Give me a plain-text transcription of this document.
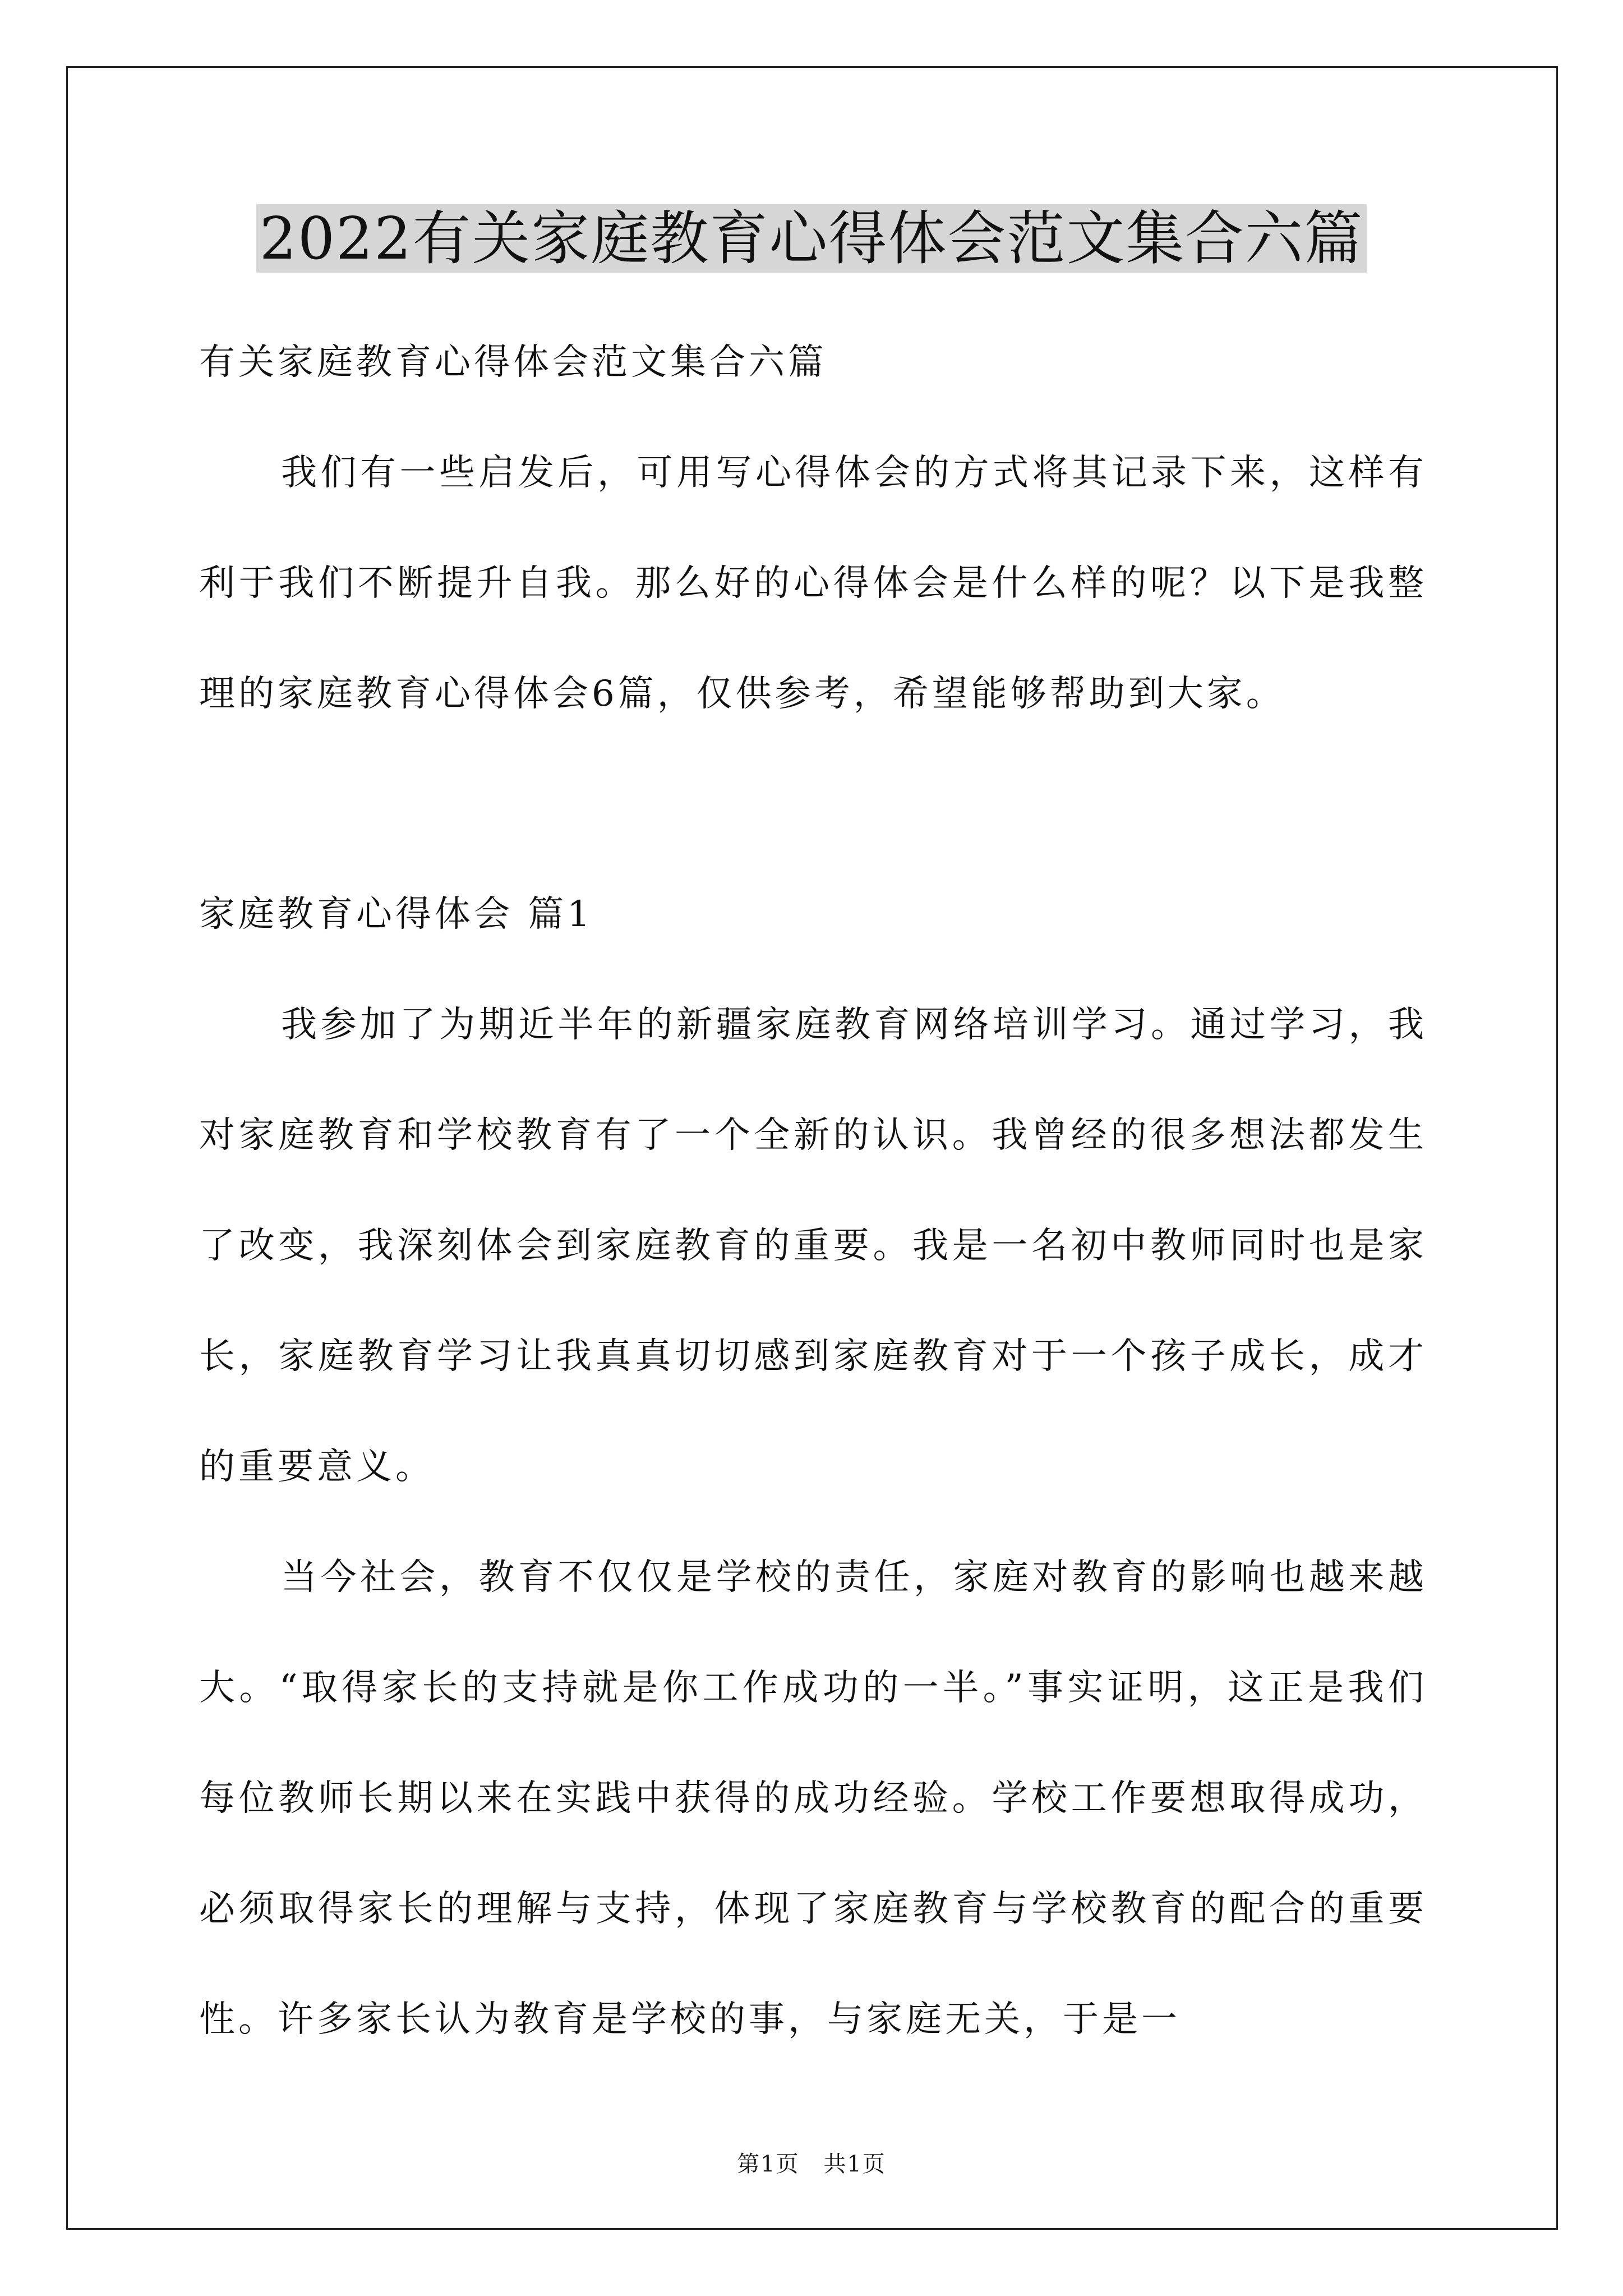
2022有关家庭教育心得体会范文集合六篇

有关家庭教育心得体会范文集合六篇

我们有一些启发后，可用写心得体会的方式将其记录下来，这样有利于我们不断提升自我。那么好的心得体会是什么样的呢？以下是我整理的家庭教育心得体会6篇，仅供参考，希望能够帮助到大家。

家庭教育心得体会 篇1

我参加了为期近半年的新疆家庭教育网络培训学习。通过学习，我对家庭教育和学校教育有了一个全新的认识。我曾经的很多想法都发生了改变，我深刻体会到家庭教育的重要。我是一名初中教师同时也是家长，家庭教育学习让我真真切切感到家庭教育对于一个孩子成长，成才的重要意义。

当今社会，教育不仅仅是学校的责任，家庭对教育的影响也越来越大。“取得家长的支持就是你工作成功的一半。”事实证明，这正是我们每位教师长期以来在实践中获得的成功经验。学校工作要想取得成功，必须取得家长的理解与支持，体现了家庭教育与学校教育的配合的重要性。许多家长认为教育是学校的事，与家庭无关，于是一

第1页 共1页
